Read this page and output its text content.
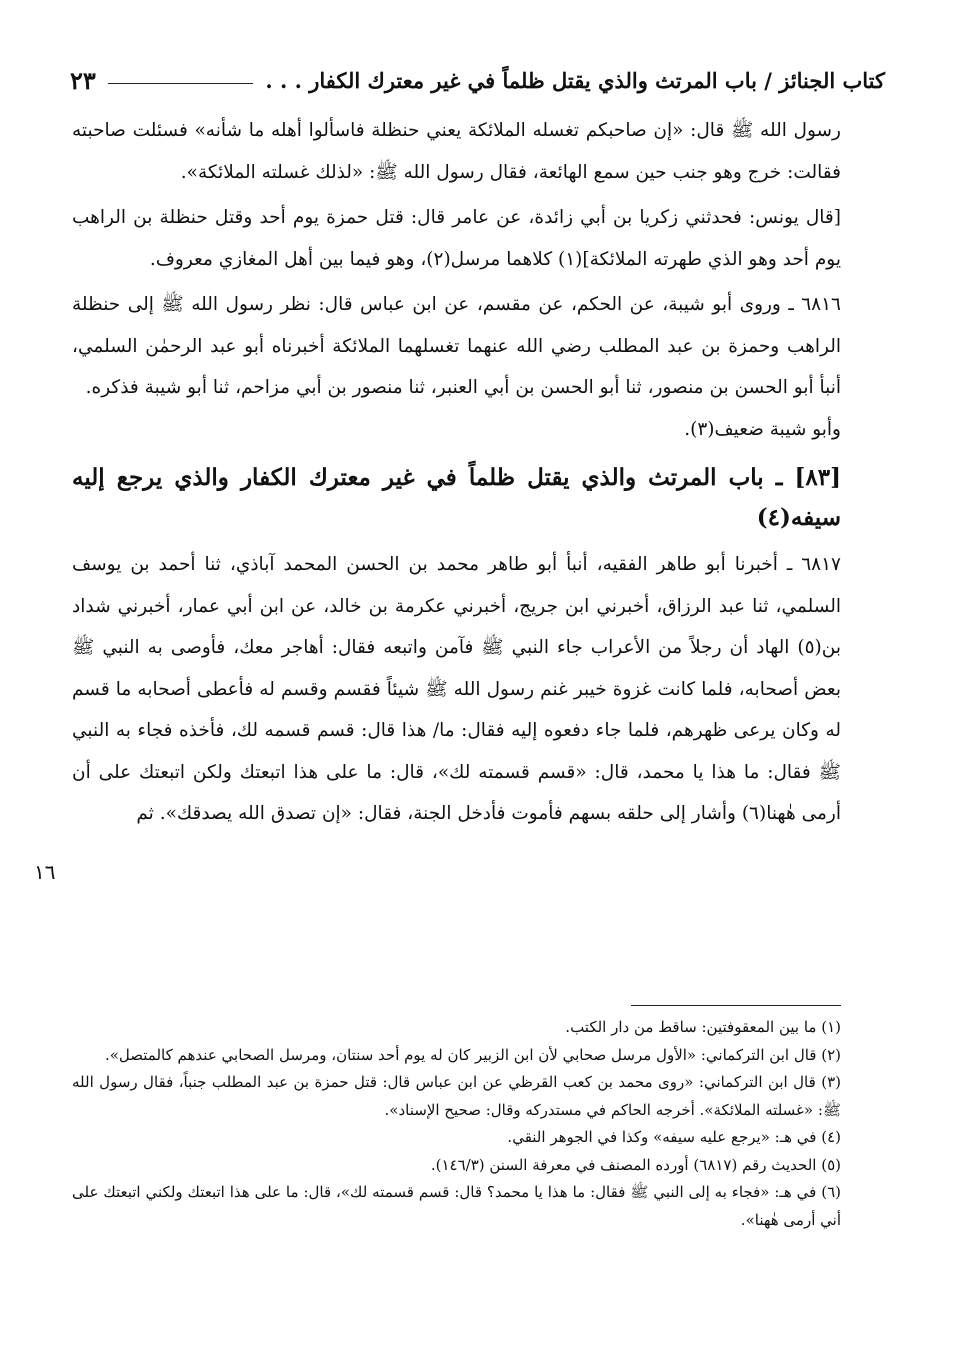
كتاب الجنائز / باب المرتث والذي يقتل ظلماً في غير معترك الكفار . . .
٢٣

رسول الله ﷺ قال: «إن صاحبكم تغسله الملائكة يعني حنظلة فاسألوا أهله ما شأنه» فسئلت صاحبته فقالت: خرج وهو جنب حين سمع الهائعة، فقال رسول الله ﷺ: «لذلك غسلته الملائكة».

[قال يونس: فحدثني زكريا بن أبي زائدة، عن عامر قال: قتل حمزة يوم أحد وقتل حنظلة بن الراهب يوم أحد وهو الذي طهرته الملائكة](١) كلاهما مرسل(٢)، وهو فيما بين أهل المغازي معروف.

٦٨١٦ ـ وروى أبو شيبة، عن الحكم، عن مقسم، عن ابن عباس قال: نظر رسول الله ﷺ إلى حنظلة الراهب وحمزة بن عبد المطلب رضي الله عنهما تغسلهما الملائكة أخبرناه أبو عبد الرحمٰن السلمي، أنبأ أبو الحسن بن منصور، ثنا أبو الحسن بن أبي العنبر، ثنا منصور بن أبي مزاحم، ثنا أبو شيبة فذكره.

وأبو شيبة ضعيف(٣).

[٨٣] ـ باب المرتث والذي يقتل ظلماً في غير معترك الكفار والذي يرجع إليه سيفه(٤)

٦٨١٧ ـ أخبرنا أبو طاهر الفقيه، أنبأ أبو طاهر محمد بن الحسن المحمد آباذي، ثنا أحمد بن يوسف السلمي، ثنا عبد الرزاق، أخبرني ابن جريج، أخبرني عكرمة بن خالد، عن ابن أبي عمار، أخبرني شداد بن(٥) الهاد أن رجلاً من الأعراب جاء النبي ﷺ فآمن واتبعه فقال: أهاجر معك، فأوصى به النبي ﷺ بعض أصحابه، فلما كانت غزوة خيبر غنم رسول الله ﷺ شيئاً فقسم وقسم له فأعطى أصحابه ما قسم له وكان يرعى ظهرهم، فلما جاء دفعوه إليه فقال: ما/ هذا قال: قسم قسمه لك، فأخذه فجاء به النبي ﷺ فقال: ما هذا يا محمد، قال: «قسم قسمته لك»، قال: ما على هذا اتبعتك ولكن اتبعتك على أن أرمى هٰهنا(٦) وأشار إلى حلقه بسهم فأموت فأدخل الجنة، فقال: «إن تصدق الله يصدقك». ثم

١٦

(١) ما بين المعقوفتين: ساقط من دار الكتب.

(٢) قال ابن التركماني: «الأول مرسل صحابي لأن ابن الزبير كان له يوم أحد سنتان، ومرسل الصحابي عندهم كالمتصل».

(٣) قال ابن التركماني: «روى محمد بن كعب القرظي عن ابن عباس قال: قتل حمزة بن عبد المطلب جنباً، فقال رسول الله ﷺ: «غسلته الملائكة». أخرجه الحاكم في مستدركه وقال: صحيح الإسناد».

(٤) في هـ: «يرجع عليه سيفه» وكذا في الجوهر النقي.

(٥) الحديث رقم (٦٨١٧) أورده المصنف في معرفة السنن (١٤٦/٣).

(٦) في هـ: «فجاء به إلى النبي ﷺ فقال: ما هذا يا محمد؟ قال: قسم قسمته لك»، قال: ما على هذا اتبعتك ولكني اتبعتك على أني أرمى هٰهنا».
